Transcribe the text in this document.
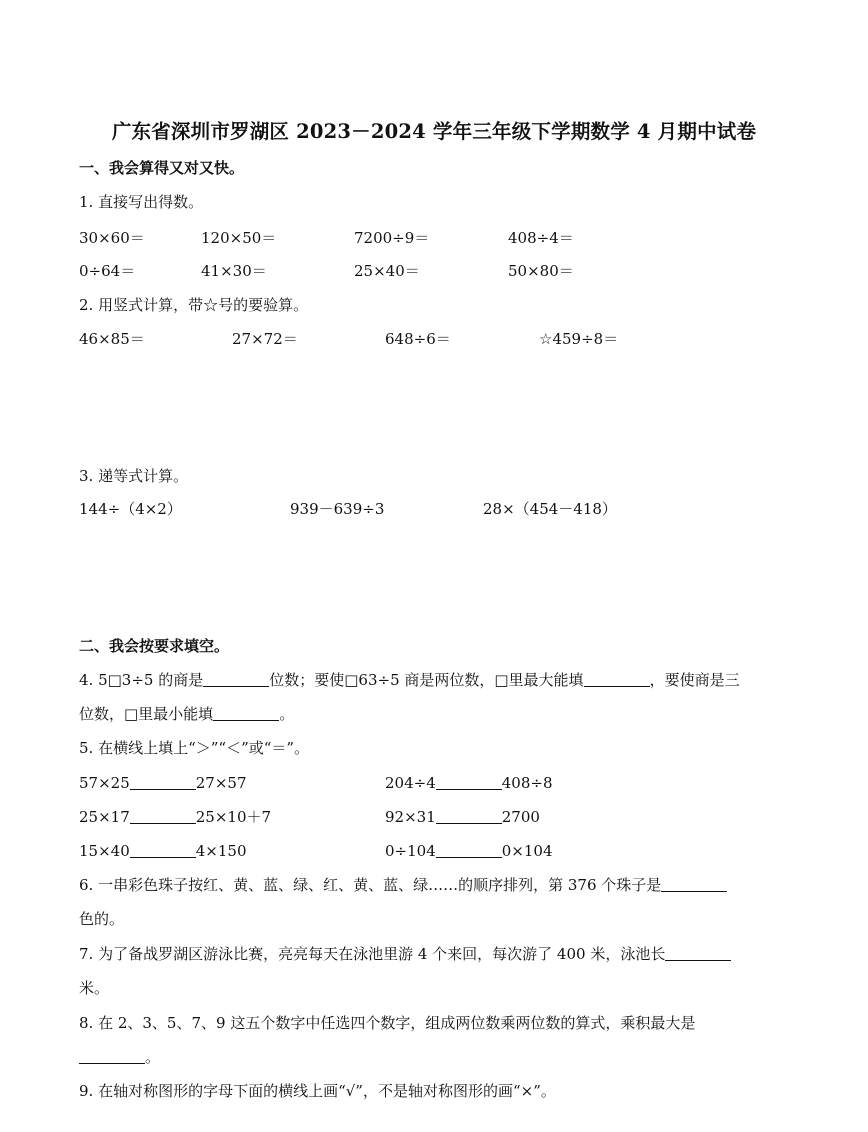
广东省深圳市罗湖区 2023－2024 学年三年级下学期数学 4 月期中试卷
一、我会算得又对又快。
1. 直接写出得数。
30×60＝	120×50＝	7200÷9＝	408÷4＝
0÷64＝	41×30＝	25×40＝	50×80＝
2. 用竖式计算，带☆号的要验算。
46×85＝	27×72＝	648÷6＝	☆459÷8＝
3. 递等式计算。
144÷（4×2）	939－639÷3	28×（454－418）
二、我会按要求填空。
4. 5□3÷5 的商是	位数；要使□63÷5 商是两位数，□里最大能填	，要使商是三
位数，□里最小能填	。
5. 在横线上填上“＞”“＜”或“＝”。
57×25	27×57	204÷4	408÷8
25×17	25×10＋7	92×31	2700
15×40	4×150	0÷104	0×104
6. 一串彩色珠子按红、黄、蓝、绿、红、黄、蓝、绿……的顺序排列，第 376 个珠子是
色的。
7. 为了备战罗湖区游泳比赛，亮亮每天在泳池里游 4 个来回，每次游了 400 米，泳池长
米。
8. 在 2、3、5、7、9 这五个数字中任选四个数字，组成两位数乘两位数的算式，乘积最大是
。
9. 在轴对称图形的字母下面的横线上画“√”，不是轴对称图形的画“×”。
